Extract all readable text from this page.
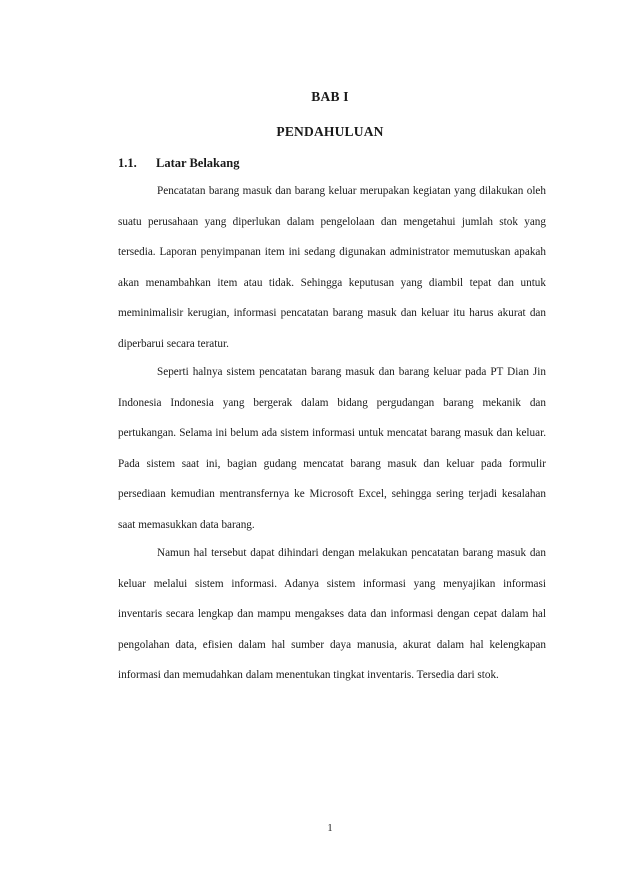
BAB I
PENDAHULUAN
1.1. Latar Belakang

Pencatatan barang masuk dan barang keluar merupakan kegiatan yang dilakukan oleh suatu perusahaan yang diperlukan dalam pengelolaan dan mengetahui jumlah stok yang tersedia. Laporan penyimpanan item ini sedang digunakan administrator memutuskan apakah akan menambahkan item atau tidak. Sehingga keputusan yang diambil tepat dan untuk meminimalisir kerugian, informasi pencatatan barang masuk dan keluar itu harus akurat dan diperbarui secara teratur.

Seperti halnya sistem pencatatan barang masuk dan barang keluar pada PT Dian Jin Indonesia Indonesia yang bergerak dalam bidang pergudangan barang mekanik dan pertukangan. Selama ini belum ada sistem informasi untuk mencatat barang masuk dan keluar. Pada sistem saat ini, bagian gudang mencatat barang masuk dan keluar pada formulir persediaan kemudian mentransfernya ke Microsoft Excel, sehingga sering terjadi kesalahan saat memasukkan data barang.

Namun hal tersebut dapat dihindari dengan melakukan pencatatan barang masuk dan keluar melalui sistem informasi. Adanya sistem informasi yang menyajikan informasi inventaris secara lengkap dan mampu mengakses data dan informasi dengan cepat dalam hal pengolahan data, efisien dalam hal sumber daya manusia, akurat dalam hal kelengkapan informasi dan memudahkan dalam menentukan tingkat inventaris. Tersedia dari stok.

1
